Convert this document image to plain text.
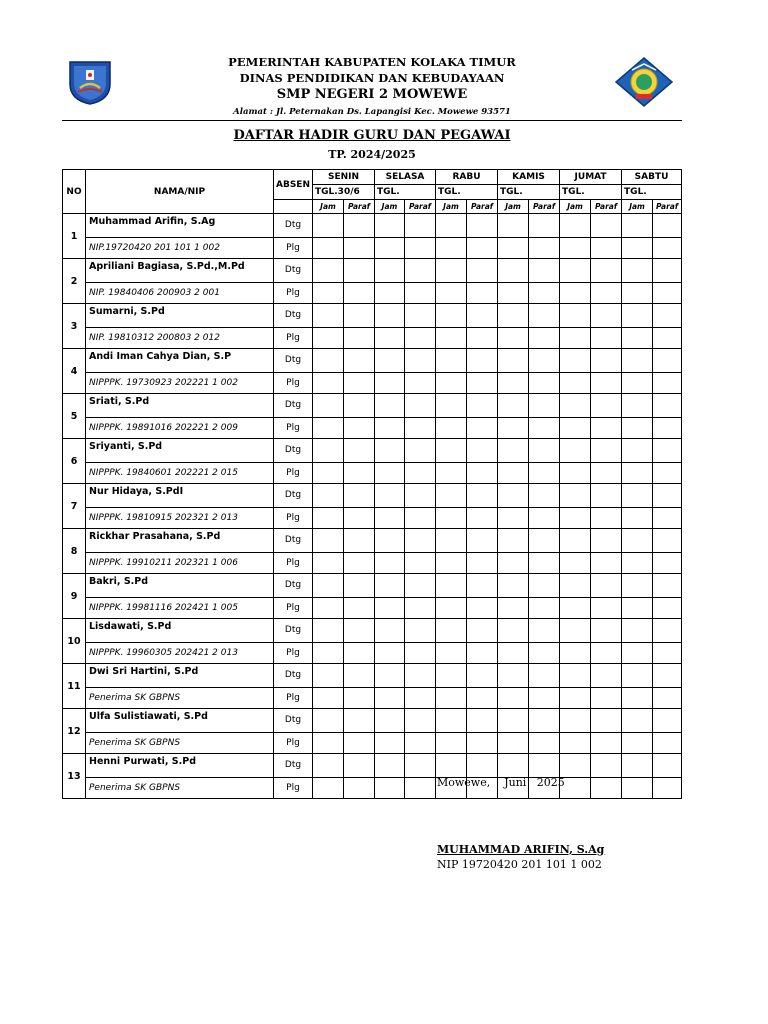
PEMERINTAH KABUPATEN KOLAKA TIMUR
DINAS PENDIDIKAN DAN KEBUDAYAAN
SMP NEGERI 2 MOWEWE
Alamat : Jl. Peternakan Ds. Lapangisi Kec. Mowewe 93571
DAFTAR HADIR GURU DAN PEGAWAI
TP. 2024/2025
NO	NAMA/NIP	ABSEN	SENIN		SELASA		RABU		KAMIS		JUMAT		SABTU	
			TGL.30/6		TGL.		TGL.		TGL.		TGL.		TGL.	
			Jam	Paraf	Jam	Paraf	Jam	Paraf	Jam	Paraf	Jam	Paraf	Jam	Paraf
1	Muhammad Arifin, S.Ag	Dtg												
	NIP.19720420 201 101 1 002	Plg												
2	Apriliani Bagiasa, S.Pd.,M.Pd	Dtg												
	NIP. 19840406 200903 2 001	Plg												
3	Sumarni, S.Pd	Dtg												
	NIP. 19810312 200803 2 012	Plg												
4	Andi Iman Cahya Dian, S.P	Dtg												
	NIPPPK. 19730923 202221 1 002	Plg												
5	Sriati, S.Pd	Dtg												
	NIPPPK. 19891016 202221 2 009	Plg												
6	Sriyanti, S.Pd	Dtg												
	NIPPPK. 19840601 202221 2 015	Plg												
7	Nur Hidaya, S.PdI	Dtg												
	NIPPPK. 19810915 202321 2 013	Plg												
8	Rickhar Prasahana, S.Pd	Dtg												
	NIPPPK. 19910211 202321 1 006	Plg												
9	Bakri, S.Pd	Dtg												
	NIPPPK. 19981116 202421 1 005	Plg												
10	Lisdawati, S.Pd	Dtg												
	NIPPPK. 19960305 202421 2 013	Plg												
11	Dwi Sri Hartini, S.Pd	Dtg												
	Penerima SK GBPNS	Plg												
12	Ulfa Sulistiawati, S.Pd	Dtg												
	Penerima SK GBPNS	Plg												
13	Henni Purwati, S.Pd	Dtg												
	Penerima SK GBPNS	Plg													Mowewe,    Juni   2025
MUHAMMAD ARIFIN, S.Ag
NIP 19720420 201 101 1 002
